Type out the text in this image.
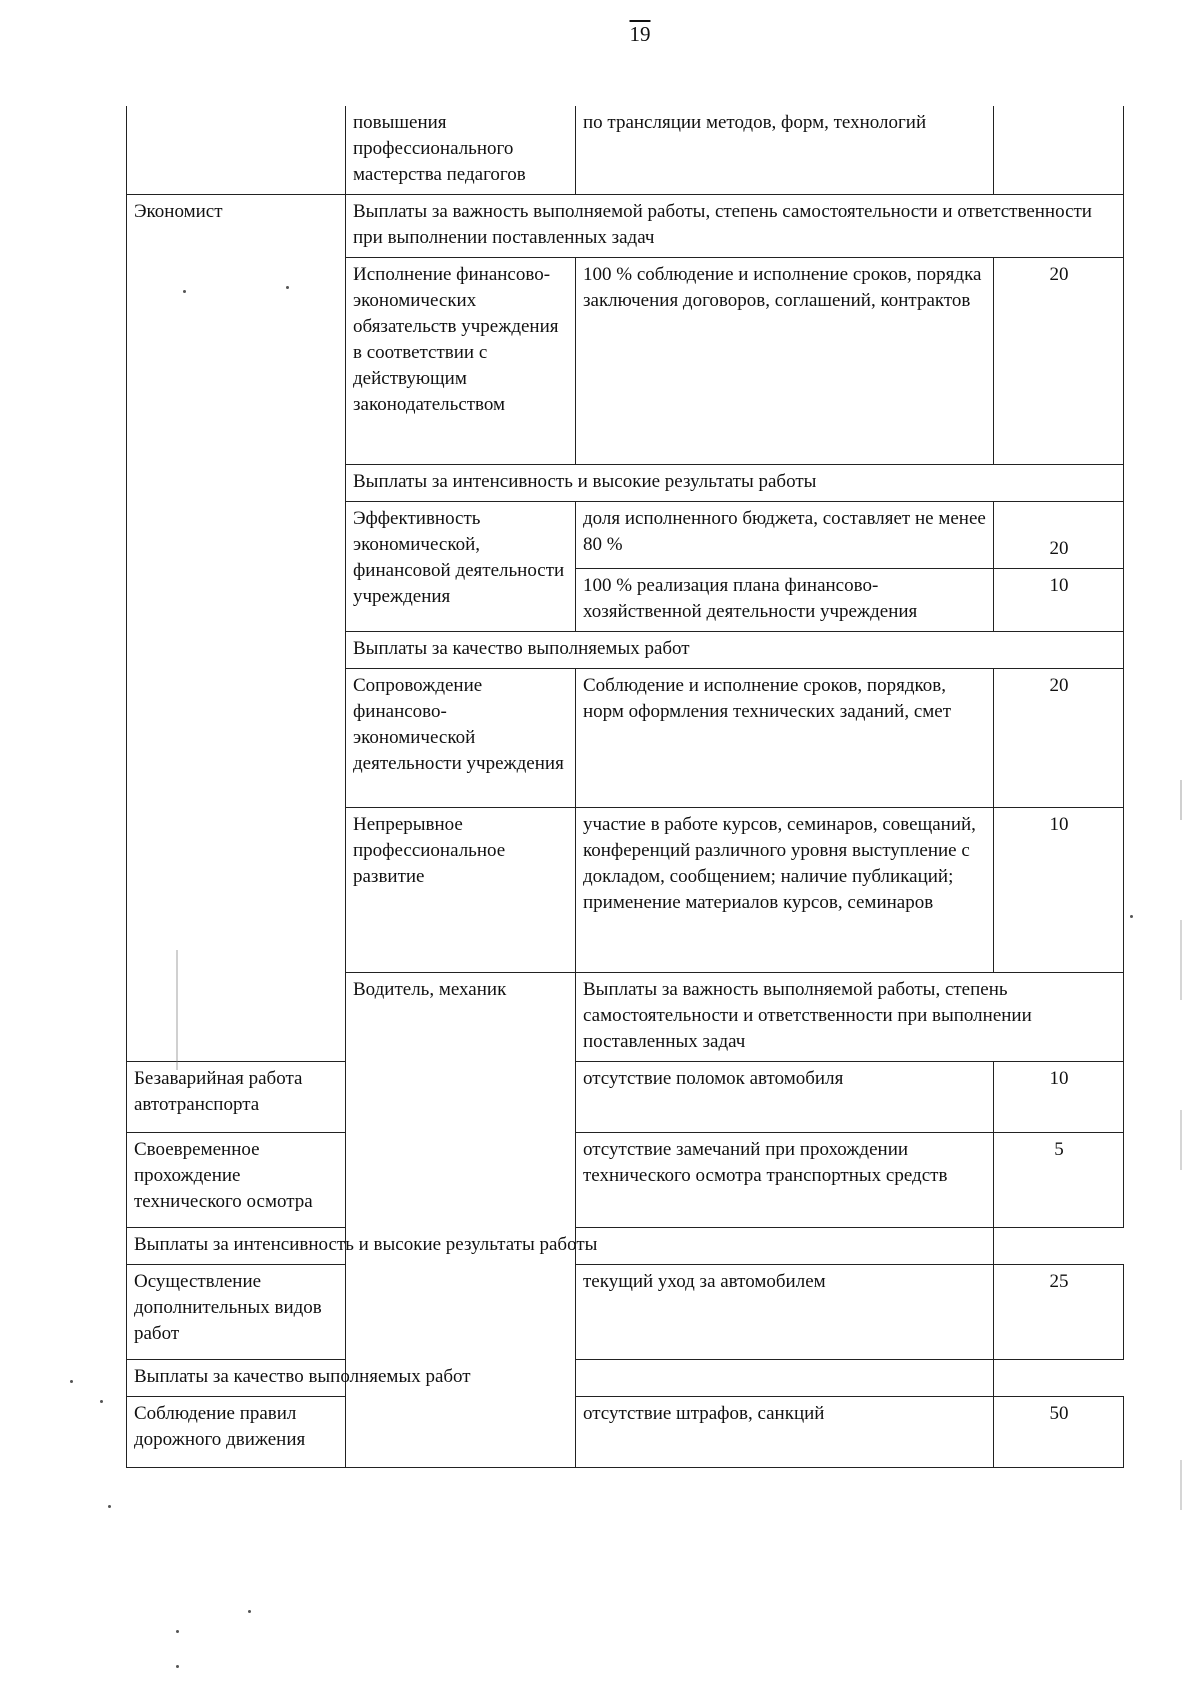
19
	повышения профессионального мастерства педагогов	по трансляции методов, форм, технологий	
Экономист	Выплаты за важность выполняемой работы, степень самостоятельности и ответственности при выполнении поставленных задач		
	Исполнение финансово-экономических обязательств учреждения в соответствии с действующим законодательством	100 % соблюдение и исполнение сроков, порядка заключения договоров, соглашений, контрактов	20
	Выплаты за интенсивность и высокие результаты работы		
	Эффективность экономической, финансовой деятельности учреждения	доля исполненного бюджета, составляет не менее 80 %	20
		100 % реализация плана финансово-хозяйственной деятельности учреждения	10
	Выплаты за качество выполняемых работ		
	Сопровождение финансово-экономической деятельности учреждения	Соблюдение и исполнение сроков, порядков, норм оформления технических заданий, смет	20
	Непрерывное профессиональное развитие	участие в работе курсов, семинаров, совещаний, конференций различного уровня выступление с докладом, сообщением; наличие публикаций; применение материалов курсов, семинаров	10
	Водитель, механик	Выплаты за важность выполняемой работы, степень самостоятельности и ответственности при выполнении поставленных задач	
Безаварийная работа автотранспорта		отсутствие поломок автомобиля	10
Своевременное прохождение технического осмотра		отсутствие замечаний при прохождении технического осмотра транспортных средств	5
Выплаты за интенсивность и высокие результаты работы			
Осуществление дополнительных видов работ		текущий уход за автомобилем	25
Выплаты за качество выполняемых работ			
Соблюдение правил дорожного движения		отсутствие штрафов, санкций	50
